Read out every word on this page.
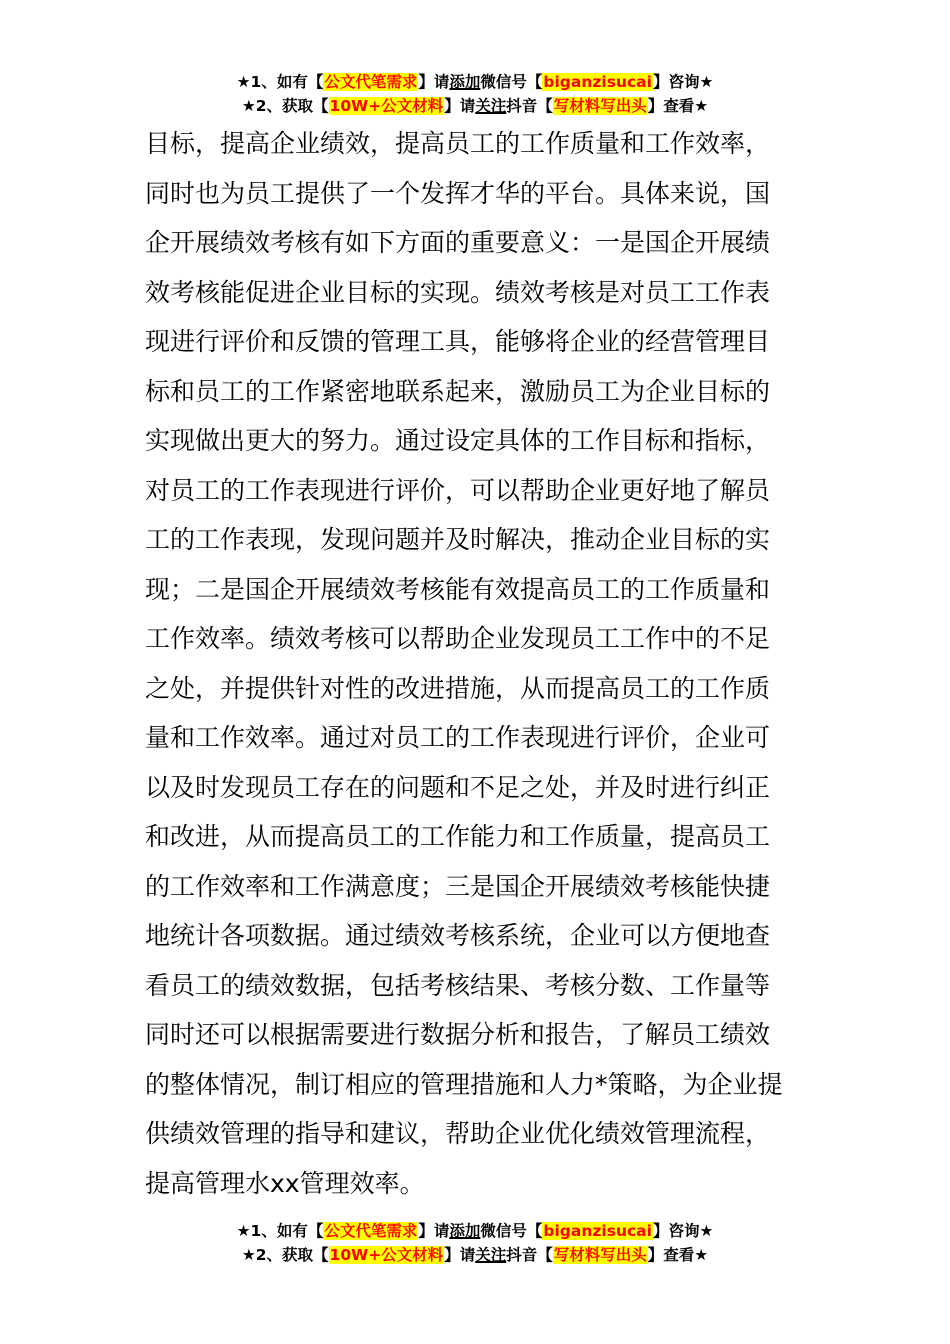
★1、如有【公文代笔需求】请添加微信号【biganzisucai】咨询★
★2、获取【10W+公文材料】请关注抖音【写材料写出头】查看★
目标，提高企业绩效，提高员工的工作质量和工作效率，
同时也为员工提供了一个发挥才华的平台。具体来说，国
企开展绩效考核有如下方面的重要意义：一是国企开展绩
效考核能促进企业目标的实现。绩效考核是对员工工作表
现进行评价和反馈的管理工具，能够将企业的经营管理目
标和员工的工作紧密地联系起来，激励员工为企业目标的
实现做出更大的努力。通过设定具体的工作目标和指标，
对员工的工作表现进行评价，可以帮助企业更好地了解员
工的工作表现，发现问题并及时解决，推动企业目标的实
现；二是国企开展绩效考核能有效提高员工的工作质量和
工作效率。绩效考核可以帮助企业发现员工工作中的不足
之处，并提供针对性的改进措施，从而提高员工的工作质
量和工作效率。通过对员工的工作表现进行评价，企业可
以及时发现员工存在的问题和不足之处，并及时进行纠正
和改进，从而提高员工的工作能力和工作质量，提高员工
的工作效率和工作满意度；三是国企开展绩效考核能快捷
地统计各项数据。通过绩效考核系统，企业可以方便地查
看员工的绩效数据，包括考核结果、考核分数、工作量等
同时还可以根据需要进行数据分析和报告，了解员工绩效
的整体情况，制订相应的管理措施和人力*策略，为企业提
供绩效管理的指导和建议，帮助企业优化绩效管理流程，
提高管理水xx管理效率。
★1、如有【公文代笔需求】请添加微信号【biganzisucai】咨询★
★2、获取【10W+公文材料】请关注抖音【写材料写出头】查看★
